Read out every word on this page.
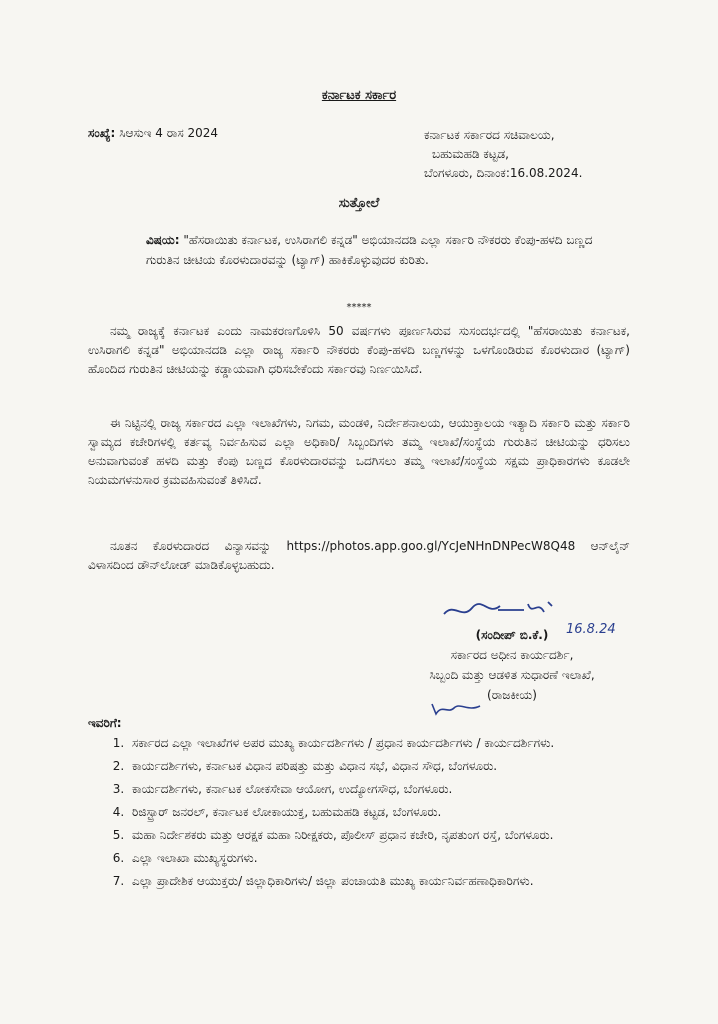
ಕರ್ನಾಟಕ ಸರ್ಕಾರ
ಸಂಖ್ಯೆ: ಸಿಆಸುಇ 4 ರಾಸ 2024	ಕರ್ನಾಟಕ ಸರ್ಕಾರದ ಸಚಿವಾಲಯ,
ಬಹುಮಹಡಿ ಕಟ್ಟಡ,
ಬೆಂಗಳೂರು, ದಿನಾಂಕ:16.08.2024.
ಸುತ್ತೋಲೆ
ವಿಷಯ: "ಹೆಸರಾಯಿತು ಕರ್ನಾಟಕ, ಉಸಿರಾಗಲಿ ಕನ್ನಡ" ಅಭಿಯಾನದಡಿ ಎಲ್ಲಾ ಸರ್ಕಾರಿ ನೌಕರರು ಕೆಂಪು-ಹಳದಿ ಬಣ್ಣದ ಗುರುತಿನ ಚೀಟಿಯ ಕೊರಳುದಾರವನ್ನು (ಟ್ಯಾಗ್) ಹಾಕಿಕೊಳ್ಳುವುದರ ಕುರಿತು.
*****
ನಮ್ಮ ರಾಜ್ಯಕ್ಕೆ ಕರ್ನಾಟಕ ಎಂದು ನಾಮಕರಣಗೊಳಿಸಿ 50 ವರ್ಷಗಳು ಪೂರ್ಣಸಿರುವ ಸುಸಂದರ್ಭದಲ್ಲಿ "ಹೆಸರಾಯಿತು ಕರ್ನಾಟಕ, ಉಸಿರಾಗಲಿ ಕನ್ನಡ" ಅಭಿಯಾನದಡಿ ಎಲ್ಲಾ ರಾಜ್ಯ ಸರ್ಕಾರಿ ನೌಕರರು ಕೆಂಪು-ಹಳದಿ ಬಣ್ಣಗಳನ್ನು ಒಳಗೊಂಡಿರುವ ಕೊರಳುದಾರ (ಟ್ಯಾಗ್) ಹೊಂದಿದ ಗುರುತಿನ ಚೀಟಿಯನ್ನು ಕಡ್ಡಾಯವಾಗಿ ಧರಿಸಬೇಕೆಂದು ಸರ್ಕಾರವು ನಿರ್ಣಯಿಸಿದೆ.
ಈ ನಿಟ್ಟಿನಲ್ಲಿ ರಾಜ್ಯ ಸರ್ಕಾರದ ಎಲ್ಲಾ ಇಲಾಖೆಗಳು, ನಿಗಮ, ಮಂಡಳಿ, ನಿರ್ದೇಶನಾಲಯ, ಆಯುಕ್ತಾಲಯ ಇತ್ಯಾದಿ ಸರ್ಕಾರಿ ಮತ್ತು ಸರ್ಕಾರಿ ಸ್ವಾಮ್ಯದ ಕಚೇರಿಗಳಲ್ಲಿ ಕರ್ತವ್ಯ ನಿರ್ವಹಿಸುವ ಎಲ್ಲಾ ಅಧಿಕಾರಿ/ ಸಿಬ್ಬಂದಿಗಳು ತಮ್ಮ ಇಲಾಖೆ/ಸಂಸ್ಥೆಯ ಗುರುತಿನ ಚೀಟಿಯನ್ನು ಧರಿಸಲು ಅನುವಾಗುವಂತೆ ಹಳದಿ ಮತ್ತು ಕೆಂಪು ಬಣ್ಣದ ಕೊರಳುದಾರವನ್ನು ಒದಗಿಸಲು ತಮ್ಮ ಇಲಾಖೆ/ಸಂಸ್ಥೆಯ ಸಕ್ಷಮ ಪ್ರಾಧಿಕಾರಗಳು ಕೂಡಲೇ ನಿಯಮಗಳನುಸಾರ ಕ್ರಮವಹಿಸುವಂತೆ ತಿಳಿಸಿದೆ.
ನೂತನ ಕೊರಳುದಾರದ ವಿನ್ಯಾಸವನ್ನು https://photos.app.goo.gl/YcJeNHnDNPecW8Q48 ಆನ್‌ಲೈನ್ ವಿಳಾಸದಿಂದ ಡೌನ್‌ಲೋಡ್ ಮಾಡಿಕೊಳ್ಳಬಹುದು.
16.8.24
(ಸಂದೀಪ್ ಬಿ.ಕೆ.)
ಸರ್ಕಾರದ ಅಧೀನ ಕಾರ್ಯದರ್ಶಿ,
ಸಿಬ್ಬಂದಿ ಮತ್ತು ಆಡಳಿತ ಸುಧಾರಣೆ ಇಲಾಖೆ,
(ರಾಜಕೀಯ)
ಇವರಿಗೆ:
1. ಸರ್ಕಾರದ ಎಲ್ಲಾ ಇಲಾಖೆಗಳ ಅಪರ ಮುಖ್ಯ ಕಾರ್ಯದರ್ಶಿಗಳು / ಪ್ರಧಾನ ಕಾರ್ಯದರ್ಶಿಗಳು / ಕಾರ್ಯದರ್ಶಿಗಳು.
2. ಕಾರ್ಯದರ್ಶಿಗಳು, ಕರ್ನಾಟಕ ವಿಧಾನ ಪರಿಷತ್ತು ಮತ್ತು ವಿಧಾನ ಸಭೆ, ವಿಧಾನ ಸೌಧ, ಬೆಂಗಳೂರು.
3. ಕಾರ್ಯದರ್ಶಿಗಳು, ಕರ್ನಾಟಕ ಲೋಕಸೇವಾ ಆಯೋಗ, ಉದ್ಯೋಗಸೌಧ, ಬೆಂಗಳೂರು.
4. ರಿಜಿಸ್ಟ್ರಾರ್ ಜನರಲ್, ಕರ್ನಾಟಕ ಲೋಕಾಯುಕ್ತ, ಬಹುಮಹಡಿ ಕಟ್ಟಡ, ಬೆಂಗಳೂರು.
5. ಮಹಾ ನಿರ್ದೇಶಕರು ಮತ್ತು ಆರಕ್ಷಕ ಮಹಾ ನಿರೀಕ್ಷಕರು, ಪೊಲೀಸ್ ಪ್ರಧಾನ ಕಚೇರಿ, ನೃಪತುಂಗ ರಸ್ತೆ, ಬೆಂಗಳೂರು.
6. ಎಲ್ಲಾ ಇಲಾಖಾ ಮುಖ್ಯಸ್ಥರುಗಳು.
7. ಎಲ್ಲಾ ಪ್ರಾದೇಶಿಕ ಆಯುಕ್ತರು/ ಜಿಲ್ಲಾಧಿಕಾರಿಗಳು/ ಜಿಲ್ಲಾ ಪಂಚಾಯತಿ ಮುಖ್ಯ ಕಾರ್ಯನಿರ್ವಹಣಾಧಿಕಾರಿಗಳು.
